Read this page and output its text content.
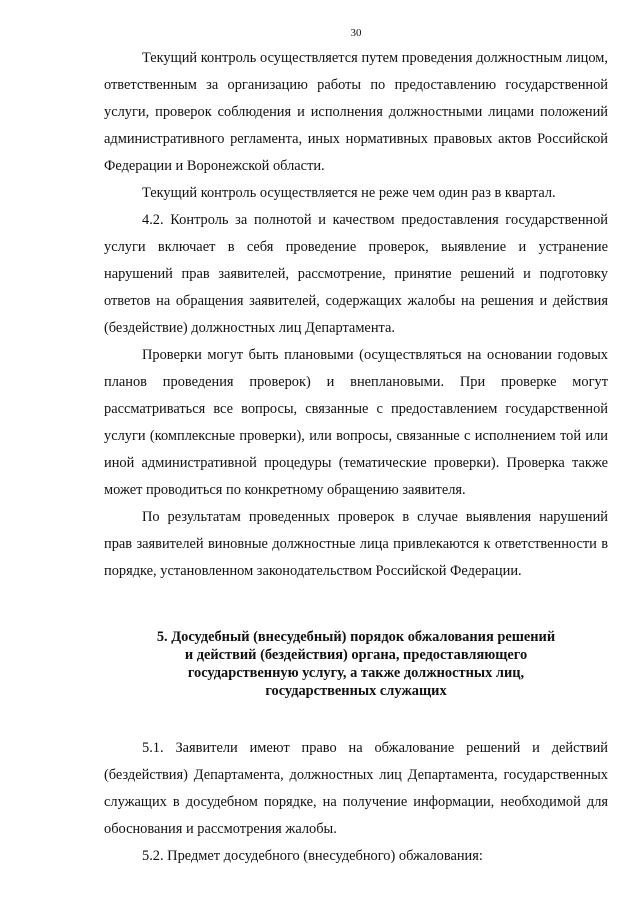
30

Текущий контроль осуществляется путем проведения должностным лицом, ответственным за организацию работы по предоставлению государственной услуги, проверок соблюдения и исполнения должностными лицами положений административного регламента, иных нормативных правовых актов Российской Федерации и Воронежской области.

Текущий контроль осуществляется не реже чем один раз в квартал.

4.2. Контроль за полнотой и качеством предоставления государственной услуги включает в себя проведение проверок, выявление и устранение нарушений прав заявителей, рассмотрение, принятие решений и подготовку ответов на обращения заявителей, содержащих жалобы на решения и действия (бездействие) должностных лиц Департамента.

Проверки могут быть плановыми (осуществляться на основании годовых планов проведения проверок) и внеплановыми. При проверке могут рассматриваться все вопросы, связанные с предоставлением государственной услуги (комплексные проверки), или вопросы, связанные с исполнением той или иной административной процедуры (тематические проверки). Проверка также может проводиться по конкретному обращению заявителя.

По результатам проведенных проверок в случае выявления нарушений прав заявителей виновные должностные лица привлекаются к ответственности в порядке, установленном законодательством Российской Федерации.

5. Досудебный (внесудебный) порядок обжалования решений
и действий (бездействия) органа, предоставляющего
государственную услугу, а также должностных лиц,
государственных служащих

5.1. Заявители имеют право на обжалование решений и действий (бездействия) Департамента, должностных лиц Департамента, государственных служащих в досудебном порядке, на получение информации, необходимой для обоснования и рассмотрения жалобы.

5.2. Предмет досудебного (внесудебного) обжалования:
